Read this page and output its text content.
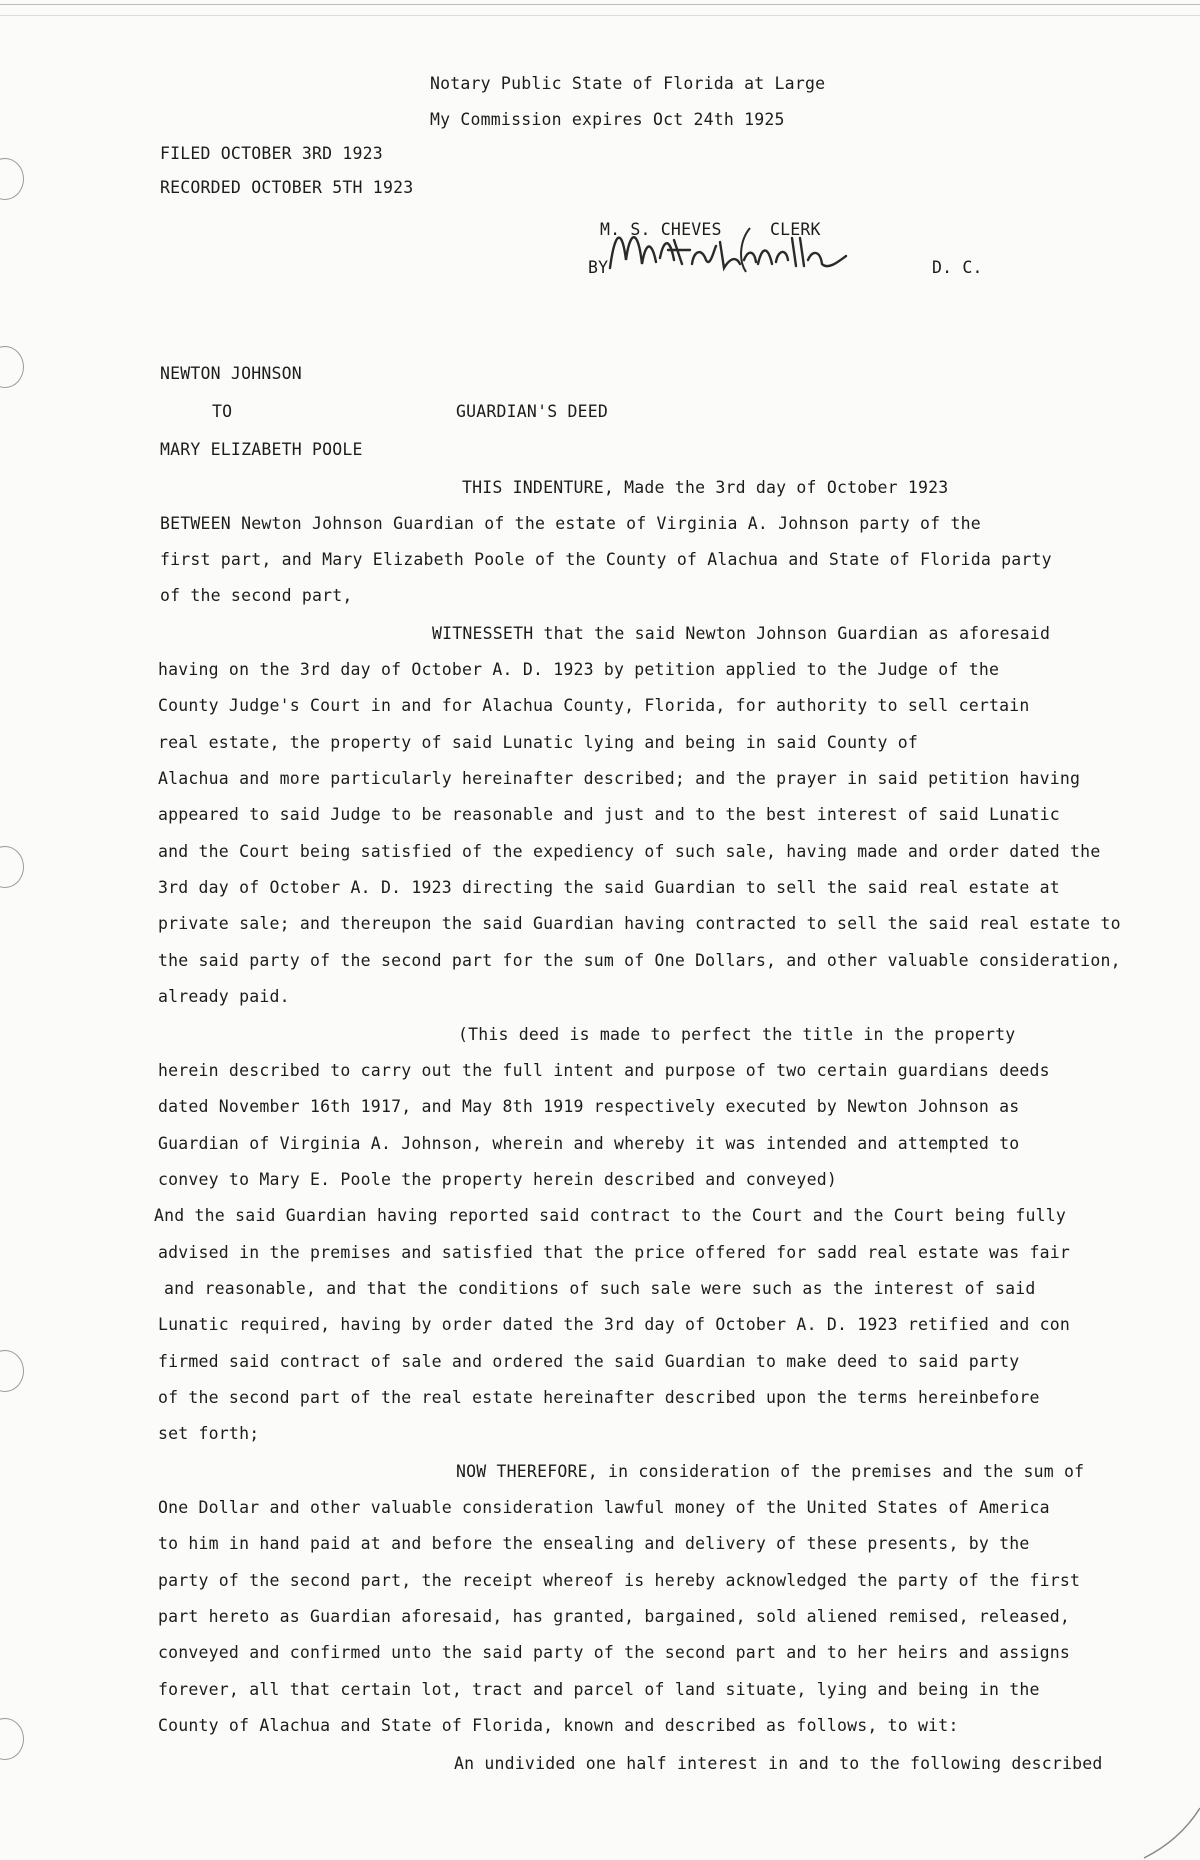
Notary Public State of Florida at Large
My Commission expires Oct 24th 1925
FILED OCTOBER 3RD 1923
RECORDED OCTOBER 5TH 1923
M. S. CHEVES	CLERK
BY	D. C.
NEWTON JOHNSON
TO	GUARDIAN'S DEED
MARY ELIZABETH POOLE
THIS INDENTURE, Made the 3rd day of October 1923
BETWEEN Newton Johnson Guardian of the estate of Virginia A. Johnson party of the
first part, and Mary Elizabeth Poole of the County of Alachua and State of Florida party
of the second part,
WITNESSETH that the said Newton Johnson Guardian as aforesaid
having on the 3rd day of October A. D. 1923 by petition applied to the Judge of the
County Judge's Court in and for Alachua County, Florida, for authority to sell certain
real estate, the property of said Lunatic lying and being in said County of
Alachua and more particularly hereinafter described; and the prayer in said petition having
appeared to said Judge to be reasonable and just and to the best interest of said Lunatic
and the Court being satisfied of the expediency of such sale, having made and order dated the
3rd day of October A. D. 1923 directing the said Guardian to sell the said real estate at
private sale; and thereupon the said Guardian having contracted to sell the said real estate to
the said party of the second part for the sum of One Dollars, and other valuable consideration,
already paid.
(This deed is made to perfect the title in the property
herein described to carry out the full intent and purpose of two certain guardians deeds
dated November 16th 1917, and May 8th 1919 respectively executed by Newton Johnson as
Guardian of Virginia A. Johnson, wherein and whereby it was intended and attempted to
convey to Mary E. Poole the property herein described and conveyed)
And the said Guardian having reported said contract to the Court and the Court being fully
advised in the premises and satisfied that the price offered for sadd real estate was fair
and reasonable, and that the conditions of such sale were such as the interest of said
Lunatic required, having by order dated the 3rd day of October A. D. 1923 retified and con
firmed said contract of sale and ordered the said Guardian to make deed to said party
of the second part of the real estate hereinafter described upon the terms hereinbefore
set forth;
NOW THEREFORE, in consideration of the premises and the sum of
One Dollar and other valuable consideration lawful money of the United States of America
to him in hand paid at and before the ensealing and delivery of these presents, by the
party of the second part, the receipt whereof is hereby acknowledged the party of the first
part hereto as Guardian aforesaid, has granted, bargained, sold aliened remised, released,
conveyed and confirmed unto the said party of the second part and to her heirs and assigns
forever, all that certain lot, tract and parcel of land situate, lying and being in the
County of Alachua and State of Florida, known and described as follows, to wit:
An undivided one half interest in and to the following described
